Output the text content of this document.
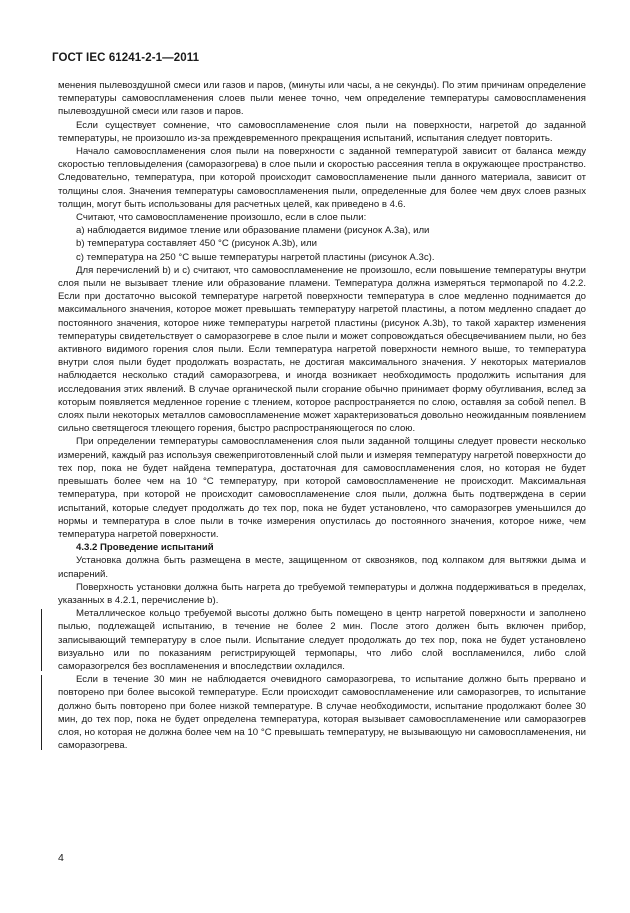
ГОСТ IEC 61241-2-1—2011

менения пылевоздушной смеси или газов и паров, (минуты или часы, а не секунды). По этим причинам определение температуры самовоспламенения слоев пыли менее точно, чем определение температуры самовоспламенения пылевоздушной смеси или газов и паров.

Если существует сомнение, что самовоспламенение слоя пыли на поверхности, нагретой до заданной температуры, не произошло из-за преждевременного прекращения испытаний, испытания следует повторить.

Начало самовоспламенения слоя пыли на поверхности с заданной температурой зависит от баланса между скоростью тепловыделения (саморазогрева) в слое пыли и скоростью рассеяния тепла в окружающее пространство. Следовательно, температура, при которой происходит самовоспламенение пыли данного материала, зависит от толщины слоя. Значения температуры самовоспламенения пыли, определенные для более чем двух слоев разных толщин, могут быть использованы для расчетных целей, как приведено в 4.6.

Считают, что самовоспламенение произошло, если в слое пыли:

a) наблюдается видимое тление или образование пламени (рисунок А.3а), или

b) температура составляет 450 °С (рисунок А.3b), или

c) температура на 250 °С выше температуры нагретой пластины (рисунок А.3с).

Для перечислений b) и c) считают, что самовоспламенение не произошло, если повышение температуры внутри слоя пыли не вызывает тление или образование пламени. Температура должна измеряться термопарой по 4.2.2. Если при достаточно высокой температуре нагретой поверхности температура в слое медленно поднимается до максимального значения, которое может превышать температуру нагретой пластины, а потом медленно спадает до постоянного значения, которое ниже температуры нагретой пластины (рисунок А.3b), то такой характер изменения температуры свидетельствует о саморазогреве в слое пыли и может сопровождаться обесцвечиванием пыли, но без активного видимого горения слоя пыли. Если температура нагретой поверхности немного выше, то температура внутри слоя пыли будет продолжать возрастать, не достигая максимального значения. У некоторых материалов наблюдается несколько стадий саморазогрева, и иногда возникает необходимость продолжить испытания для исследования этих явлений. В случае органической пыли сгорание обычно принимает форму обугливания, вслед за которым появляется медленное горение с тлением, которое распространяется по слою, оставляя за собой пепел. В слоях пыли некоторых металлов самовоспламенение может характеризоваться довольно неожиданным появлением сильно светящегося тлеющего горения, быстро распространяющегося по слою.

При определении температуры самовоспламенения слоя пыли заданной толщины следует провести несколько измерений, каждый раз используя свежеприготовленный слой пыли и измеряя температуру нагретой поверхности до тех пор, пока не будет найдена температура, достаточная для самовоспламенения слоя, но которая не будет превышать более чем на 10 °С температуру, при которой самовоспламенение не происходит. Максимальная температура, при которой не происходит самовоспламенение слоя пыли, должна быть подтверждена в серии испытаний, которые следует продолжать до тех пор, пока не будет установлено, что саморазогрев уменьшился до нормы и температура в слое пыли в точке измерения опустилась до постоянного значения, которое ниже, чем температура нагретой поверхности.

4.3.2 Проведение испытаний

Установка должна быть размещена в месте, защищенном от сквозняков, под колпаком для вытяжки дыма и испарений.

Поверхность установки должна быть нагрета до требуемой температуры и должна поддерживаться в пределах, указанных в 4.2.1, перечисление b).

Металлическое кольцо требуемой высоты должно быть помещено в центр нагретой поверхности и заполнено пылью, подлежащей испытанию, в течение не более 2 мин. После этого должен быть включен прибор, записывающий температуру в слое пыли. Испытание следует продолжать до тех пор, пока не будет установлено визуально или по показаниям регистрирующей термопары, что либо слой воспламенился, либо слой саморазогрелся без воспламенения и впоследствии охладился.

Если в течение 30 мин не наблюдается очевидного саморазогрева, то испытание должно быть прервано и повторено при более высокой температуре. Если происходит самовоспламенение или саморазогрев, то испытание должно быть повторено при более низкой температуре. В случае необходимости, испытание продолжают более 30 мин, до тех пор, пока не будет определена температура, которая вызывает самовоспламенение или саморазогрев слоя, но которая не должна более чем на 10 °С превышать температуру, не вызывающую ни самовоспламенения, ни саморазогрева.

4
